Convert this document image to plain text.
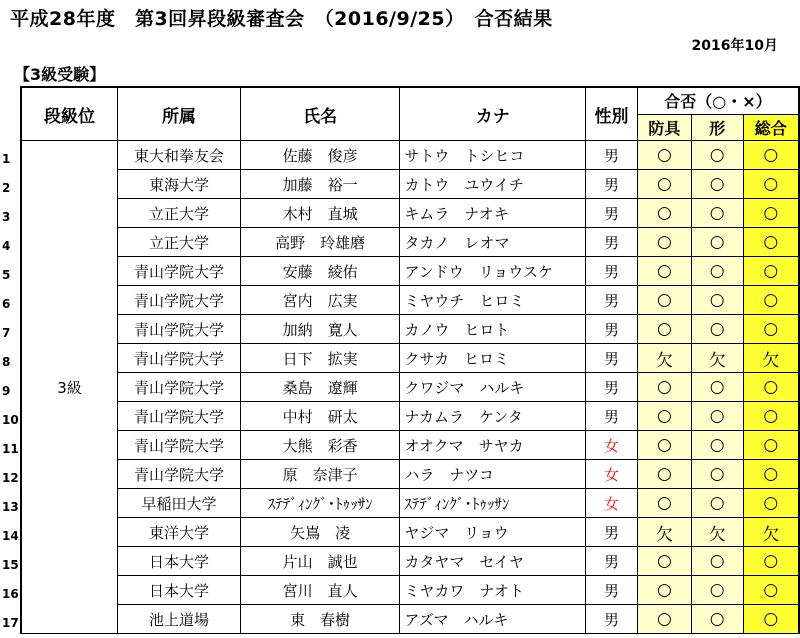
平成28年度　第3回昇段級審査会　（2016/9/25）　合否結果
2016年10月
【3級受験】
1
2
3
4
5
6
7
8
9
10
11
12
13
14
15
16
17
段級位	所属	氏名	カナ	性別	合否（○・×）		
					防具	形	総合
3級	東大和拳友会	佐藤　俊彦	サトウ　トシヒコ	男	○	○	○
	東海大学	加藤　裕一	カトウ　ユウイチ	男	○	○	○
	立正大学	木村　直城	キムラ　ナオキ	男	○	○	○
	立正大学	高野　玲雄磨	タカノ　レオマ	男	○	○	○
	青山学院大学	安藤　綾佑	アンドウ　リョウスケ	男	○	○	○
	青山学院大学	宮内　広実	ミヤウチ　ヒロミ	男	○	○	○
	青山学院大学	加納　寛人	カノウ　ヒロト	男	○	○	○
	青山学院大学	日下　拡実	クサカ　ヒロミ	男	欠	欠	欠
	青山学院大学	桑島　遼輝	クワジマ　ハルキ	男	○	○	○
	青山学院大学	中村　研太	ナカムラ　ケンタ	男	○	○	○
	青山学院大学	大熊　彩香	オオクマ　サヤカ	女	○	○	○
	青山学院大学	原　奈津子	ハラ　ナツコ	女	○	○	○
	早稲田大学	ｽﾃﾃﾞｨﾝｸﾞ･ﾄｩｯｻﾝ	ｽﾃﾃﾞｨﾝｸﾞ･ﾄｩｯｻﾝ	女	○	○	○
	東洋大学	矢嶌　凌	ヤジマ　リョウ	男	欠	欠	欠
	日本大学	片山　誠也	カタヤマ　セイヤ	男	○	○	○
	日本大学	宮川　直人	ミヤカワ　ナオト	男	○	○	○
	池上道場	東　春樹	アズマ　ハルキ	男	○	○	○
